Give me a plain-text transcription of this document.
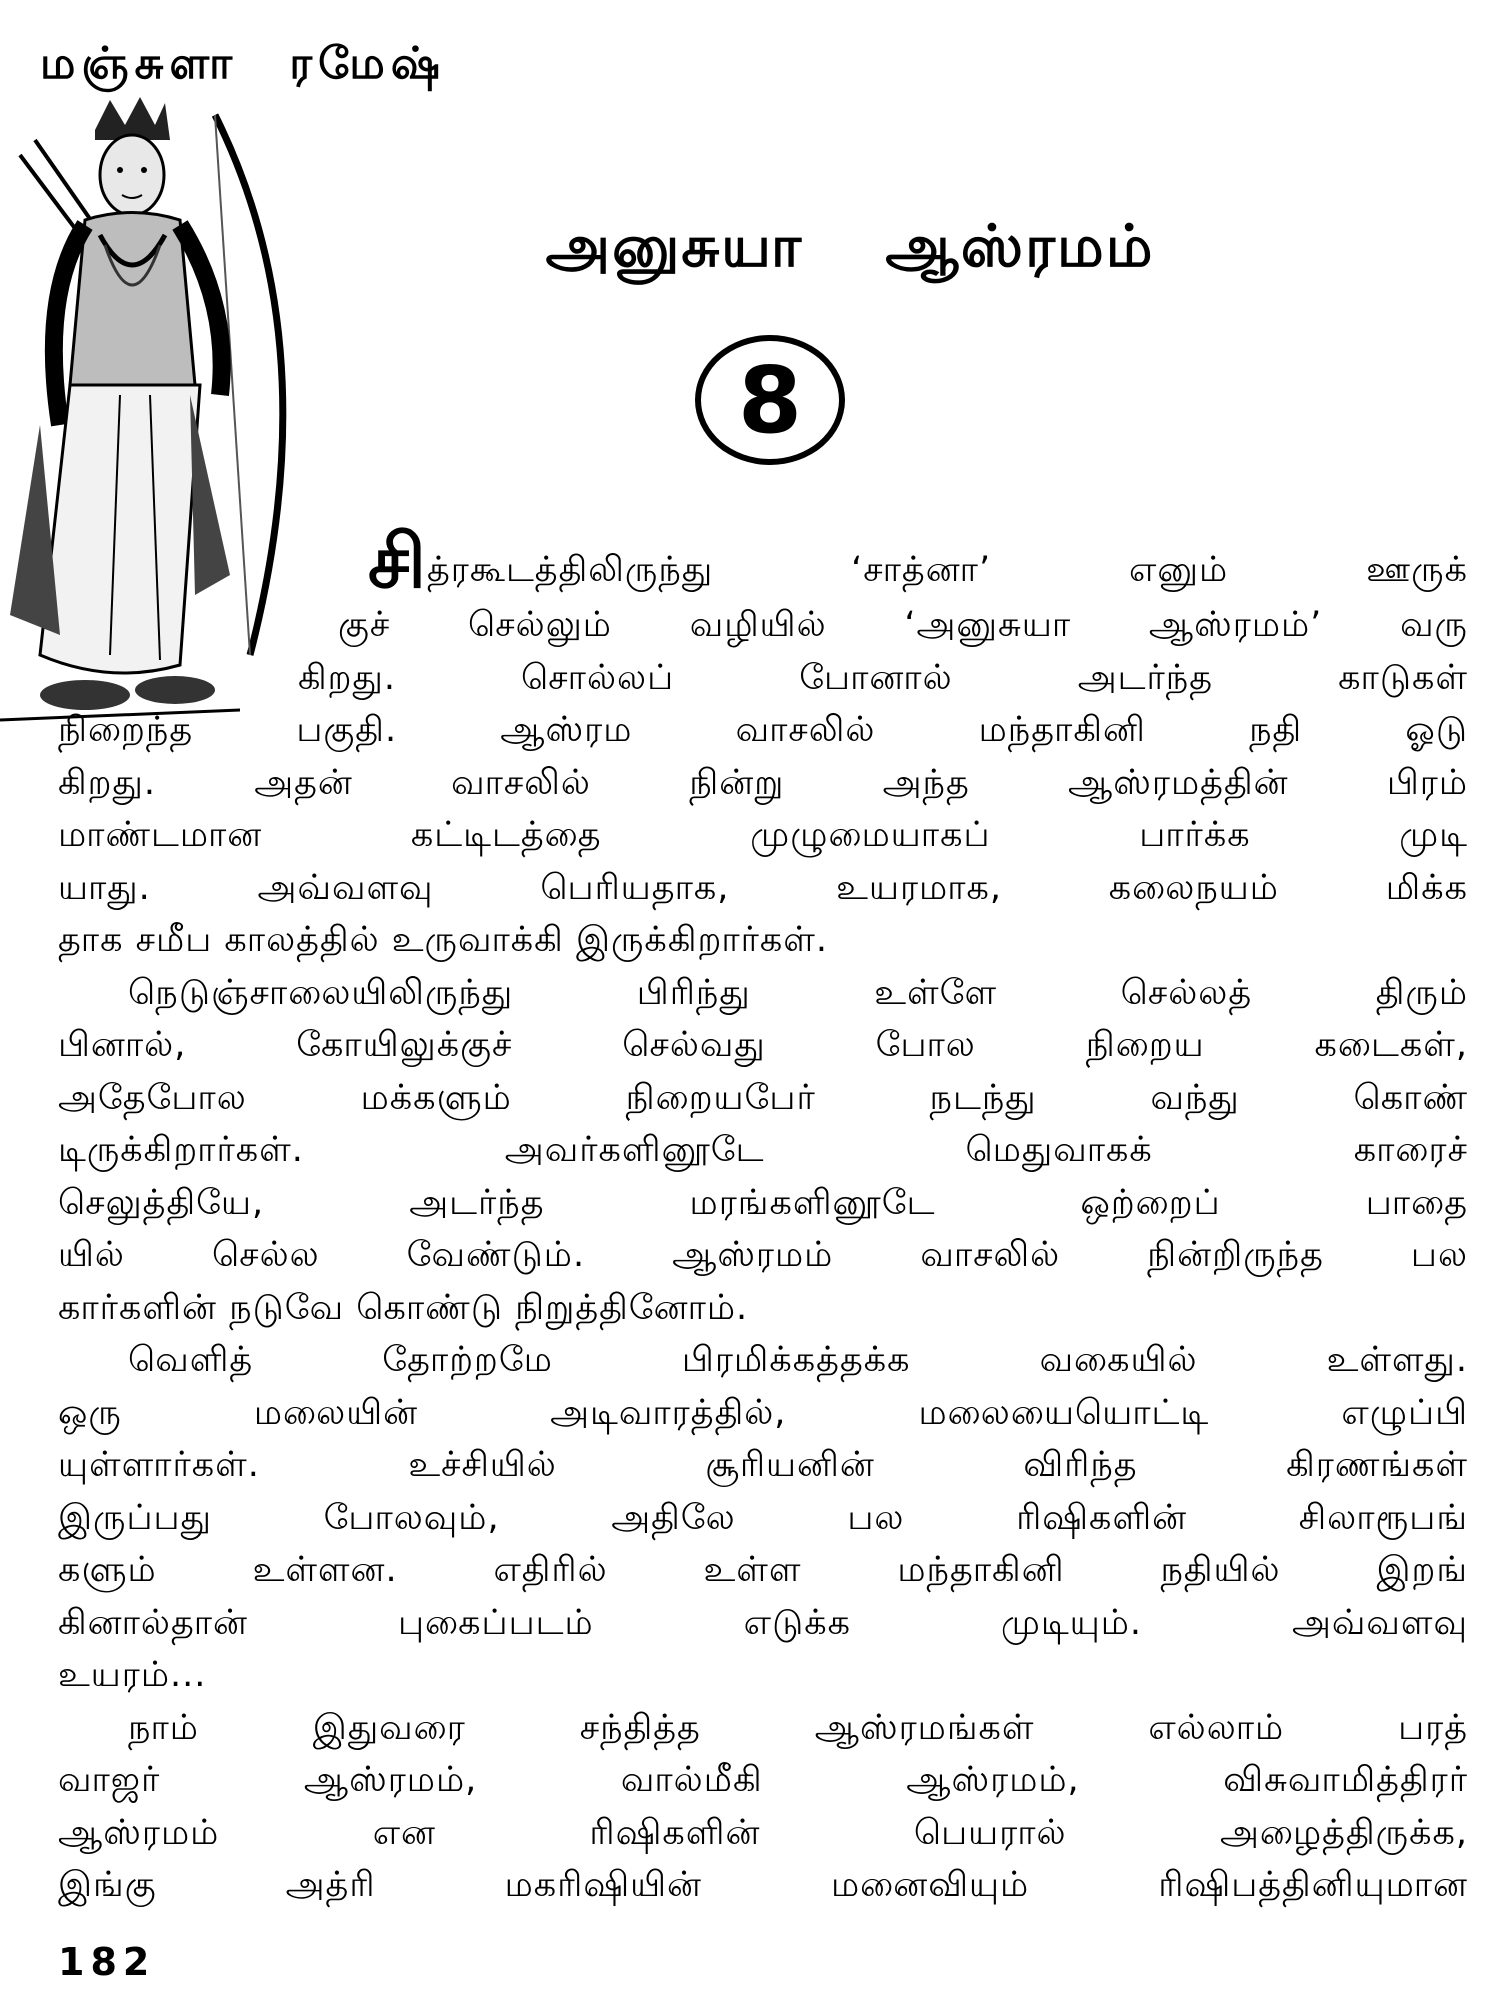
மஞ்சுளா ரமேஷ்
அனுசுயா ஆஸ்ரமம்
8
சித்ரகூடத்திலிருந்து ‘சாத்னா’ எனும் ஊருக்
குச் செல்லும் வழியில் ‘அனுசுயா ஆஸ்ரமம்’ வரு
கிறது. சொல்லப் போனால் அடர்ந்த காடுகள்
நிறைந்த பகுதி. ஆஸ்ரம வாசலில் மந்தாகினி நதி ஓடு
கிறது. அதன் வாசலில் நின்று அந்த ஆஸ்ரமத்தின் பிரம்
மாண்டமான கட்டிடத்தை முழுமையாகப் பார்க்க முடி
யாது. அவ்வளவு பெரியதாக, உயரமாக, கலைநயம் மிக்க
தாக சமீப காலத்தில் உருவாக்கி இருக்கிறார்கள்.
நெடுஞ்சாலையிலிருந்து பிரிந்து உள்ளே செல்லத் திரும்
பினால், கோயிலுக்குச் செல்வது போல நிறைய கடைகள்,
அதேபோல மக்களும் நிறையபேர் நடந்து வந்து கொண்
டிருக்கிறார்கள். அவர்களினூடே மெதுவாகக் காரைச்
செலுத்தியே, அடர்ந்த மரங்களினூடே ஒற்றைப் பாதை
யில் செல்ல வேண்டும். ஆஸ்ரமம் வாசலில் நின்றிருந்த பல
கார்களின் நடுவே கொண்டு நிறுத்தினோம்.
வெளித் தோற்றமே பிரமிக்கத்தக்க வகையில் உள்ளது.
ஒரு மலையின் அடிவாரத்தில், மலையையொட்டி எழுப்பி
யுள்ளார்கள். உச்சியில் சூரியனின் விரிந்த கிரணங்கள்
இருப்பது போலவும், அதிலே பல ரிஷிகளின் சிலாரூபங்
களும் உள்ளன. எதிரில் உள்ள மந்தாகினி நதியில் இறங்
கினால்தான் புகைப்படம் எடுக்க முடியும். அவ்வளவு
உயரம்...
நாம் இதுவரை சந்தித்த ஆஸ்ரமங்கள் எல்லாம் பரத்
வாஜர் ஆஸ்ரமம், வால்மீகி ஆஸ்ரமம், விசுவாமித்திரர்
ஆஸ்ரமம் என ரிஷிகளின் பெயரால் அழைத்திருக்க,
இங்கு அத்ரி மகரிஷியின் மனைவியும் ரிஷிபத்தினியுமான
182
